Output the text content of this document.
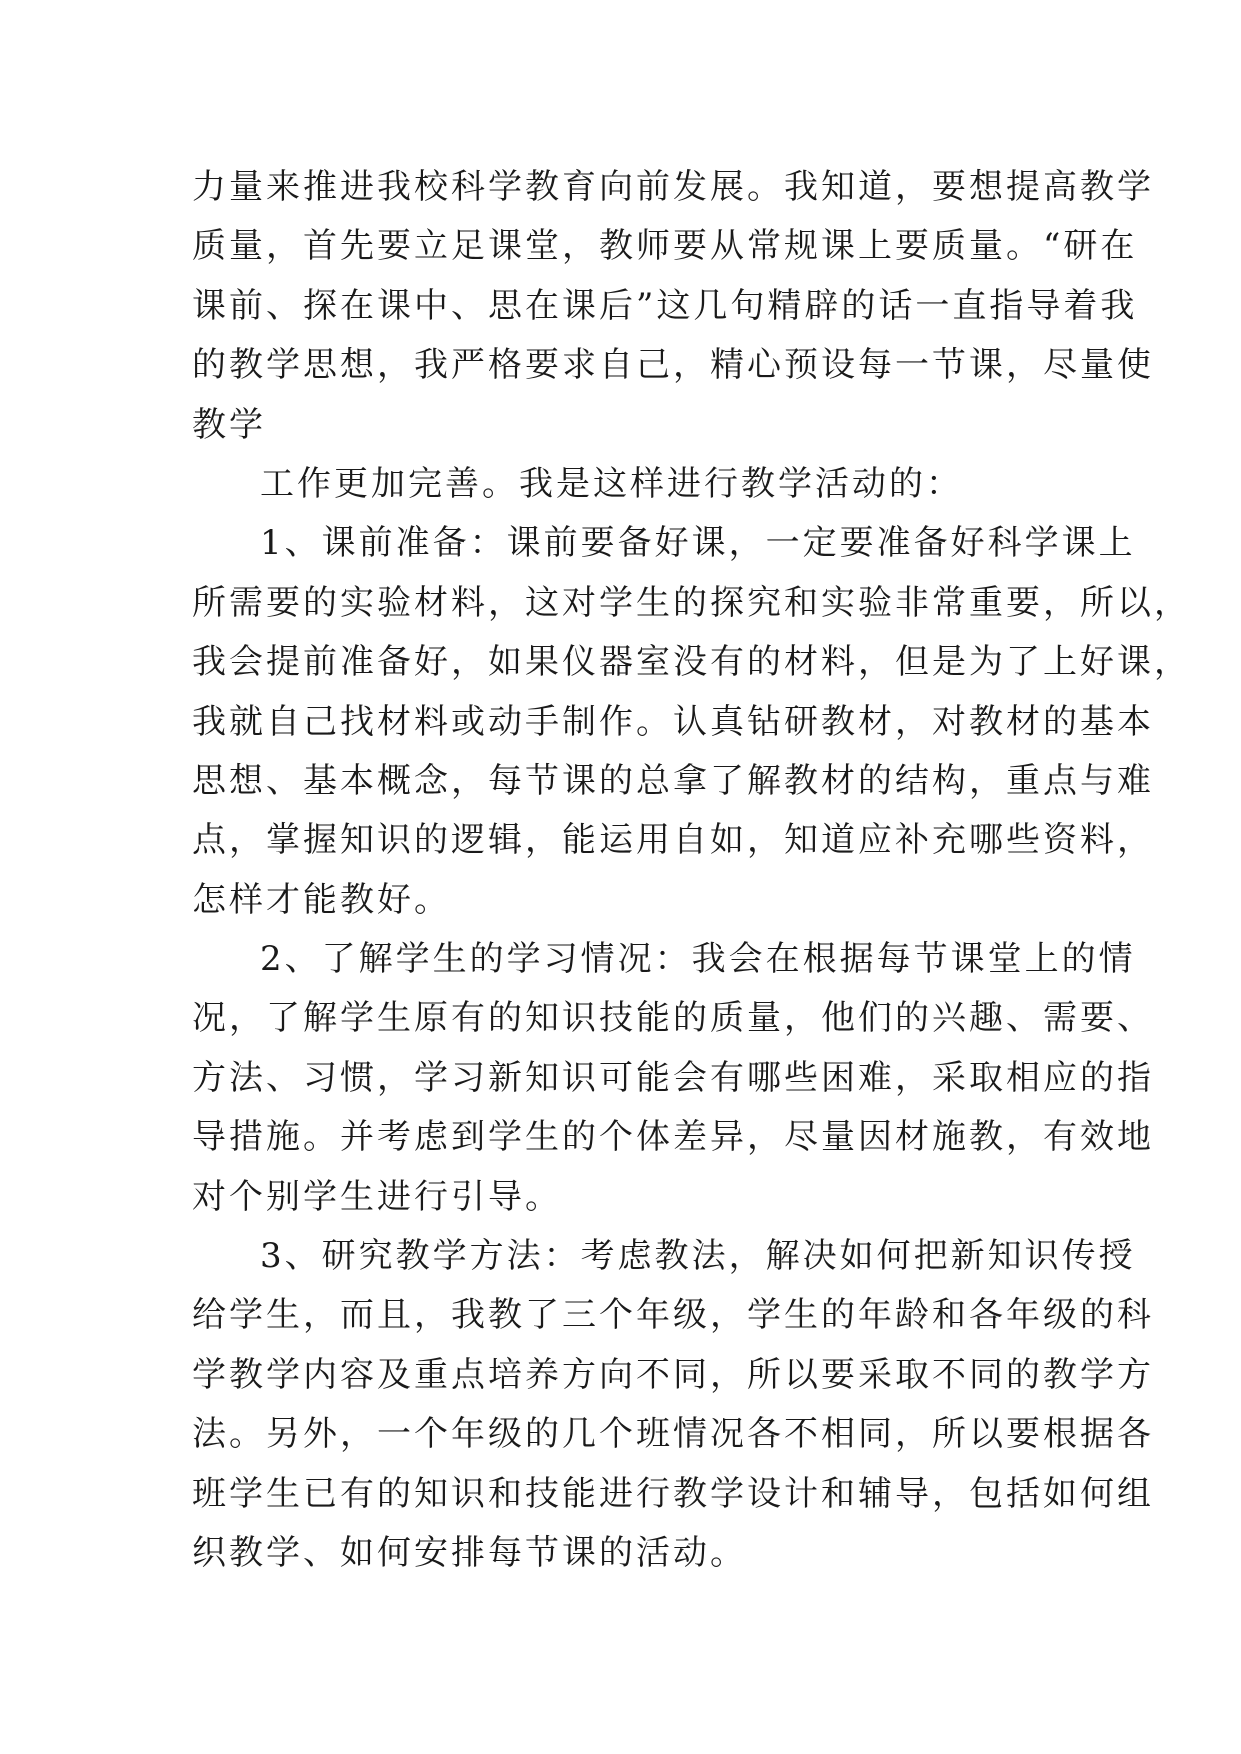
力量来推进我校科学教育向前发展。我知道，要想提高教学
质量，首先要立足课堂，教师要从常规课上要质量。“研在
课前、探在课中、思在课后”这几句精辟的话一直指导着我
的教学思想，我严格要求自己，精心预设每一节课，尽量使
教学
工作更加完善。我是这样进行教学活动的：
1、课前准备：课前要备好课，一定要准备好科学课上
所需要的实验材料，这对学生的探究和实验非常重要，所以，
我会提前准备好，如果仪器室没有的材料，但是为了上好课，
我就自己找材料或动手制作。认真钻研教材，对教材的基本
思想、基本概念，每节课的总拿了解教材的结构，重点与难
点，掌握知识的逻辑，能运用自如，知道应补充哪些资料，
怎样才能教好。
2、了解学生的学习情况：我会在根据每节课堂上的情
况，了解学生原有的知识技能的质量，他们的兴趣、需要、
方法、习惯，学习新知识可能会有哪些困难，采取相应的指
导措施。并考虑到学生的个体差异，尽量因材施教，有效地
对个别学生进行引导。
3、研究教学方法：考虑教法，解决如何把新知识传授
给学生，而且，我教了三个年级，学生的年龄和各年级的科
学教学内容及重点培养方向不同，所以要采取不同的教学方
法。另外，一个年级的几个班情况各不相同，所以要根据各
班学生已有的知识和技能进行教学设计和辅导，包括如何组
织教学、如何安排每节课的活动。
